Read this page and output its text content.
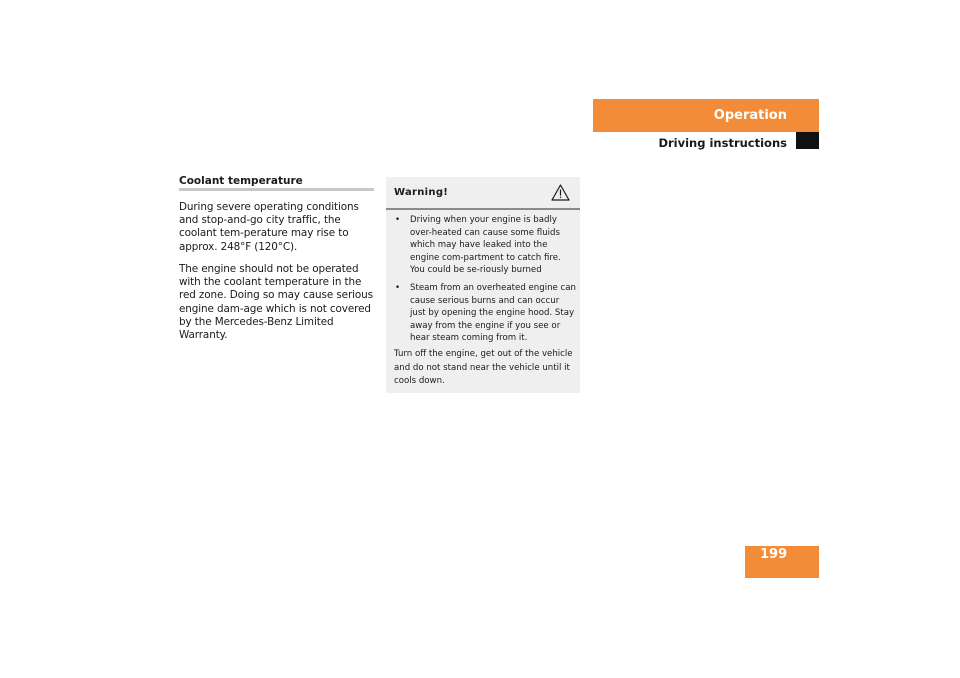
Operation
Driving instructions
Coolant temperature

During severe operating conditions and stop-and-go city traffic, the coolant tem-perature may rise to approx. 248°F (120°C).

The engine should not be operated with the coolant temperature in the red zone. Doing so may cause serious engine dam-age which is not covered by the Mercedes-Benz Limited Warranty.

Warning!
• Driving when your engine is badly over-heated can cause some fluids which may have leaked into the engine com-partment to catch fire. You could be se-riously burned
• Steam from an overheated engine can cause serious burns and can occur just by opening the engine hood. Stay away from the engine if you see or hear steam coming from it.

Turn off the engine, get out of the vehicle and do not stand near the vehicle until it cools down.

199
